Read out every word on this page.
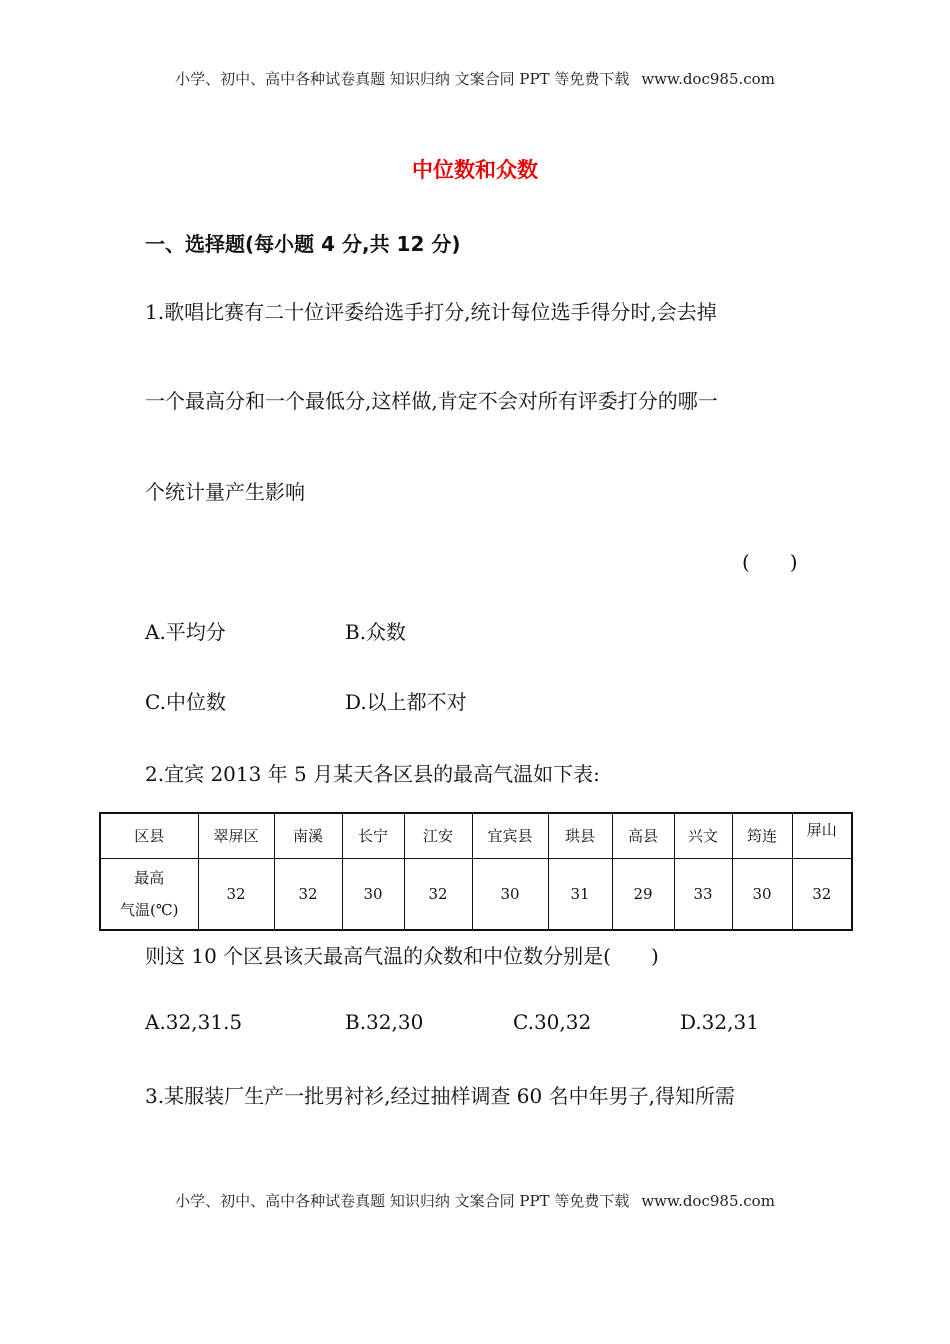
小学、初中、高中各种试卷真题 知识归纳 文案合同 PPT 等免费下载 www.doc985.com
中位数和众数
一、选择题(每小题 4 分,共 12 分)
1.歌唱比赛有二十位评委给选手打分,统计每位选手得分时,会去掉
一个最高分和一个最低分,这样做,肯定不会对所有评委打分的哪一
个统计量产生影响
(　　)
A.平均分	B.众数
C.中位数	D.以上都不对
2.宜宾 2013 年 5 月某天各区县的最高气温如下表:
区县	翠屏区	南溪	长宁	江安	宜宾县	珙县	高县	兴文	筠连	屏山

最高
气温(℃)	32	32	30	32	30	31	29	33	30	32
则这 10 个区县该天最高气温的众数和中位数分别是(　　)
A.32,31.5	B.32,30	C.30,32	D.32,31
3.某服装厂生产一批男衬衫,经过抽样调查 60 名中年男子,得知所需
小学、初中、高中各种试卷真题 知识归纳 文案合同 PPT 等免费下载 www.doc985.com
